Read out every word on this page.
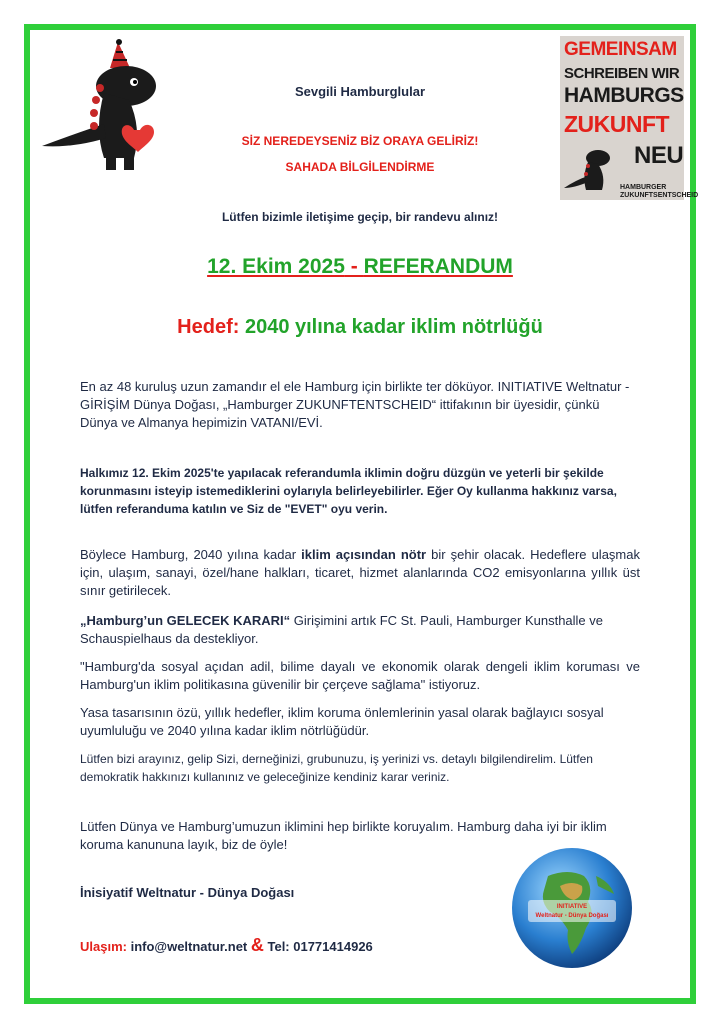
GEMEINSAM
SCHREIBEN WIR
HAMBURGS
ZUKUNFT
NEU
HAMBURGER ZUKUNFTSENTSCHEID
Sevgili Hamburglular
SİZ NEREDEYSENİZ BİZ ORAYA GELİRİZ!
SAHADA BİLGİLENDİRME
Lütfen bizimle iletişime geçip, bir randevu alınız!
12. Ekim 2025 - REFERANDUM
Hedef: 2040 yılına kadar iklim nötrlüğü
En az 48 kuruluş uzun zamandır el ele Hamburg için birlikte ter döküyor. INITIATIVE Weltnatur - GİRİŞİM Dünya Doğası, „Hamburger ZUKUNFTENTSCHEID“ ittifakının bir üyesidir, çünkü Dünya ve Almanya hepimizin VATANI/EVİ.
Halkımız 12. Ekim 2025'te yapılacak referandumla iklimin doğru düzgün ve yeterli bir şekilde korunmasını isteyip istemediklerini oylarıyla belirleyebilirler. Eğer Oy kullanma hakkınız varsa, lütfen referanduma katılın ve Siz de "EVET" oyu verin.
Böylece Hamburg, 2040 yılına kadar iklim açısından nötr bir şehir olacak. Hedeflere ulaşmak için, ulaşım, sanayi, özel/hane halkları, ticaret, hizmet alanlarında CO2 emisyonlarına yıllık üst sınır getirilecek.
„Hamburg’un GELECEK KARARI“ Girişimini artık FC St. Pauli, Hamburger Kunsthalle ve Schauspielhaus da destekliyor.
"Hamburg'da sosyal açıdan adil, bilime dayalı ve ekonomik olarak dengeli iklim koruması ve Hamburg'un iklim politikasına güvenilir bir çerçeve sağlama" istiyoruz.
Yasa tasarısının özü, yıllık hedefler, iklim koruma önlemlerinin yasal olarak bağlayıcı sosyal uyumluluğu ve 2040 yılına kadar iklim nötrlüğüdür.
Lütfen bizi arayınız, gelip Sizi, derneğinizi, grubunuzu, iş yerinizi vs. detaylı bilgilendirelim. Lütfen demokratik hakkınızı kullanınız ve geleceğinize kendiniz karar veriniz.
Lütfen Dünya ve Hamburg’umuzun iklimini hep birlikte koruyalım. Hamburg daha iyi bir iklim koruma kanununa layık, biz de öyle!
İnisiyatif Weltnatur - Dünya Doğası
Ulaşım: info@weltnatur.net & Tel: 01771414926
INITIATIVE
Weltnatur - Dünya Doğası
